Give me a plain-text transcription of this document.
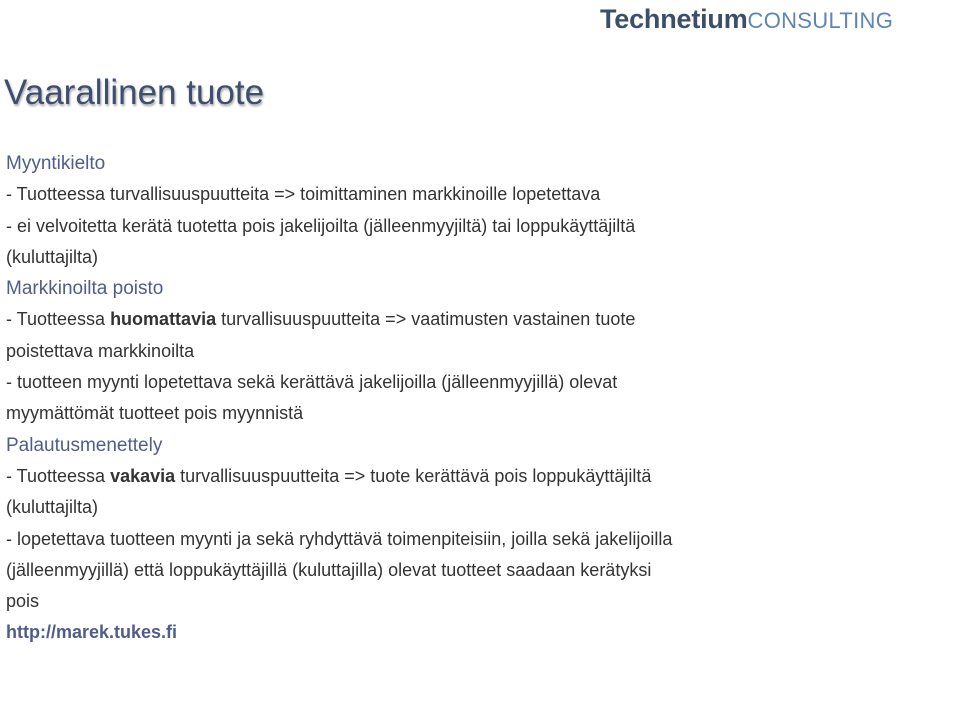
TechnetiumCONSULTING
Vaarallinen tuote
Myyntikielto
- Tuotteessa turvallisuuspuutteita => toimittaminen markkinoille lopetettava
- ei velvoitetta kerätä tuotetta pois jakelijoilta (jälleenmyyjiltä) tai loppukäyttäjiltä
(kuluttajilta)
Markkinoilta poisto
- Tuotteessa huomattavia turvallisuuspuutteita => vaatimusten vastainen tuote
poistettava markkinoilta
- tuotteen myynti lopetettava sekä kerättävä jakelijoilla (jälleenmyyjillä) olevat
myymättömät tuotteet pois myynnistä
Palautusmenettely
- Tuotteessa vakavia turvallisuuspuutteita => tuote kerättävä pois loppukäyttäjiltä
(kuluttajilta)
- lopetettava tuotteen myynti ja sekä ryhdyttävä toimenpiteisiin, joilla sekä jakelijoilla
(jälleenmyyjillä) että loppukäyttäjillä (kuluttajilla) olevat tuotteet saadaan kerätyksi
pois
http://marek.tukes.fi
